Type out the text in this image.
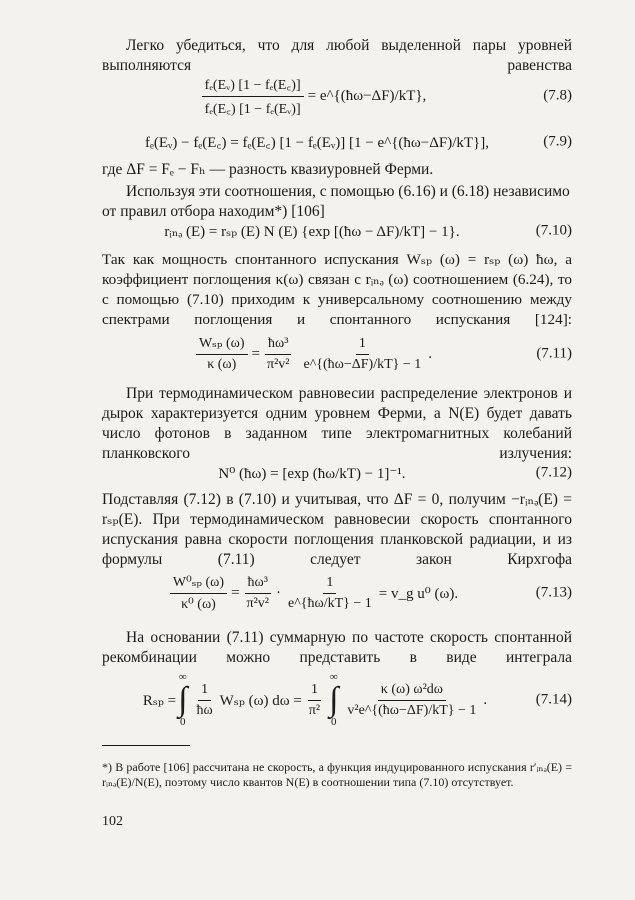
Легко убедиться, что для любой выделенной пары уровней выполняются равенства
$\frac{\text{fₑ(Eᵥ) [1 − fₑ(E꜀)]}}{\text{fₑ(E꜀) [1 − fₑ(Eᵥ)]}}$ = e^{(ħω−ΔF)/kT},	(7.8)
fₑ(Eᵥ) − fₑ(E꜀) = fₑ(E꜀) [1 − fₑ(Eᵥ)] [1 − e^{(ħω−ΔF)/kT}],	(7.9)
где ΔF = Fₑ − Fₕ — разность квазиуровней Ферми.
Используя эти соотношения, с помощью (6.16) и (6.18) независимо от правил отбора находим*) [106]
rᵢₙₔ (E) = rₛₚ (E) N (E) {exp [(ħω − ΔF)/kT] − 1}.	(7.10)
Так как мощность спонтанного испускания Wₛₚ (ω) = rₛₚ (ω) ħω, а коэффициент поглощения κ(ω) связан с rᵢₙₔ (ω) соотношением (6.24), то с помощью (7.10) приходим к универсальному соотношению между спектрами поглощения и спонтанного испускания [124]:
$\frac{\text{Wₛₚ (ω)}}{\kappa (\omega)} = \frac{\text{ħω³}}{\text{π²v²}} \frac{1}{e\^{}\{(ħ\omega-\Delta F)/kT\} - 1}$ .	(7.11)
При термодинамическом равновесии распределение электронов и дырок характеризуется одним уровнем Ферми, а N(E) будет давать число фотонов в заданном типе электромагнитных колебаний планковского излучения:
N⁰ (ħω) = [exp (ħω/kT) − 1]⁻¹.	(7.12)
Подставляя (7.12) в (7.10) и учитывая, что ΔF = 0, получим −rᵢₙₔ(E) = rₛₚ(E). При термодинамическом равновесии скорость спонтанного испускания равна скорости поглощения планковской радиации, и из формулы (7.11) следует закон Кирхгофа
$\frac{\text{W⁰ₛₚ (ω)}}{\text{κ⁰ (ω)}} = \frac{\text{ħω³}}{\text{π²v²}} \cdot \frac{1}{e\^{}\{ħ\omega/kT\} - 1}$ = v_g u⁰ (ω).	(7.13)
На основании (7.11) суммарную по частоте скорость спонтанной рекомбинации можно представить в виде интеграла
Rₛₚ =
∞
∫
0
$\frac{1}{ħ\omega}$ Wₛₚ (ω) $d\omega = \frac{1}{\text{π²}}$
∞
∫
0
$\frac{\text{κ (ω) ω²dω}}{\text{v²e\textasciicircum{}\{(ħω−ΔF)/kT\} − 1}}$ .	(7.14)
*) В работе [106] рассчитана не скорость, а функция индуцированного испускания r′ᵢₙₔ(E) = rᵢₙₔ(E)/N(E), поэтому число квантов N(E) в соотношении типа (7.10) отсутствует.
102
